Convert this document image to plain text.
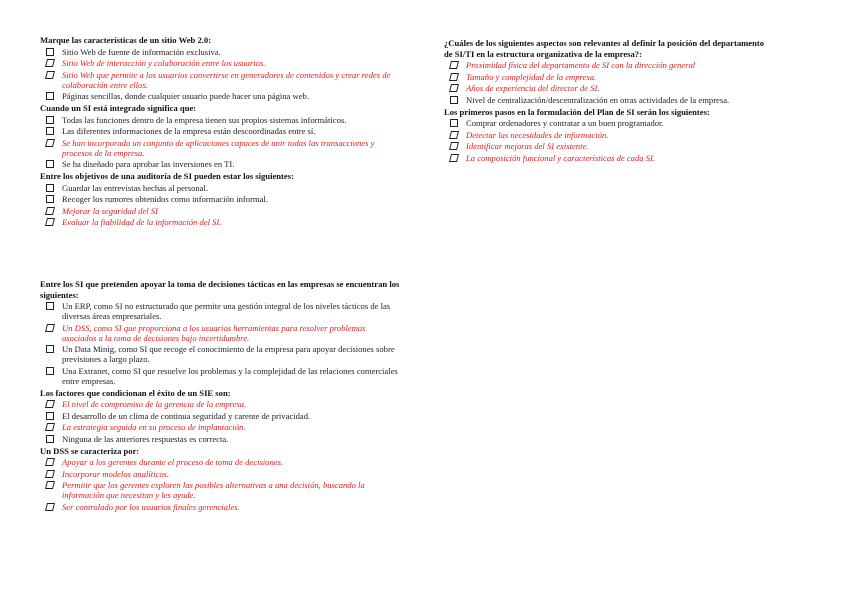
Marque las características de un sitio Web 2.0:
Sitio Web de fuente de información exclusiva.
Sitio Web de interacción y colaboración entre los usuarios.
Sitio Web que permite a los usuarios convertirse en generadores de contenidos y crear redes de colaboración entre ellos.
Páginas sencillas, donde cualquier usuario puede hacer una página web.
Cuando un SI está integrado significa que:
Todas las funciones dentro de la empresa tienen sus propios sistemas informáticos.
Las diferentes informaciones de la empresa están descoordinadas entre sí.
Se han incorporado un conjunto de aplicaciones capaces de unir todas las transacciones y procesos de la empresa.
Se ha diseñado para aprobar las inversiones en TI.
Entre los objetivos de una auditoría de SI pueden estar los siguientes:
Guardar las entrevistas hechas al personal.
Recoger los rumores obtenidos como información informal.
Mejorar la seguridad del SI
Evaluar la fiabilidad de la información del SI.
Entre los SI que pretenden apoyar la toma de decisiones tácticas en las empresas se encuentran los siguientes:
Un ERP, como SI no estructurado que permite una gestión integral de los niveles tácticos de las diversas áreas empresariales.
Un DSS, como SI que proporciona a los usuarios herramientas para resolver problemas asociados a la toma de decisiones bajo incertidumbre.
Un Data Minig, como SI que recoge el conocimiento de la empresa para apoyar decisiones sobre previsiones a largo plazo.
Una Extranet, como SI que resuelve los problemas y la complejidad de las relaciones comerciales entre empresas.
Los factores que condicionan el éxito de un SIE son:
El nivel de compromiso de la gerencia de la empresa.
El desarrollo de un clima de continua seguridad y carente de privacidad.
La estrategia seguida en su proceso de implantación.
Ninguna de las anteriores respuestas es correcta.
Un DSS se caracteriza por:
Apoyar a los gerentes durante el proceso de toma de decisiones.
Incorporar modelos analíticos.
Permitir que los gerentes exploren las posibles alternativas a una decisión, buscando la información que necesitan y les ayude.
Ser controlado por los usuarios finales gerenciales.
¿Cuáles de los siguientes aspectos son relevantes al definir la posición del departamento de SI/TI en la estructura organizativa de la empresa?:
Proximidad física del departamento de SI con la dirección general
Tamaño y complejidad de la empresa.
Años de experiencia del director de SI.
Nivel de centralización/descentralización en otras actividades de la empresa.
Los primeros pasos en la formulación del Plan de SI serán los siguientes:
Comprar ordenadores y contratar a un buen programador.
Detectar las necesidades de información.
Identificar mejoras del SI existente.
La composición funcional y características de cada SI.
